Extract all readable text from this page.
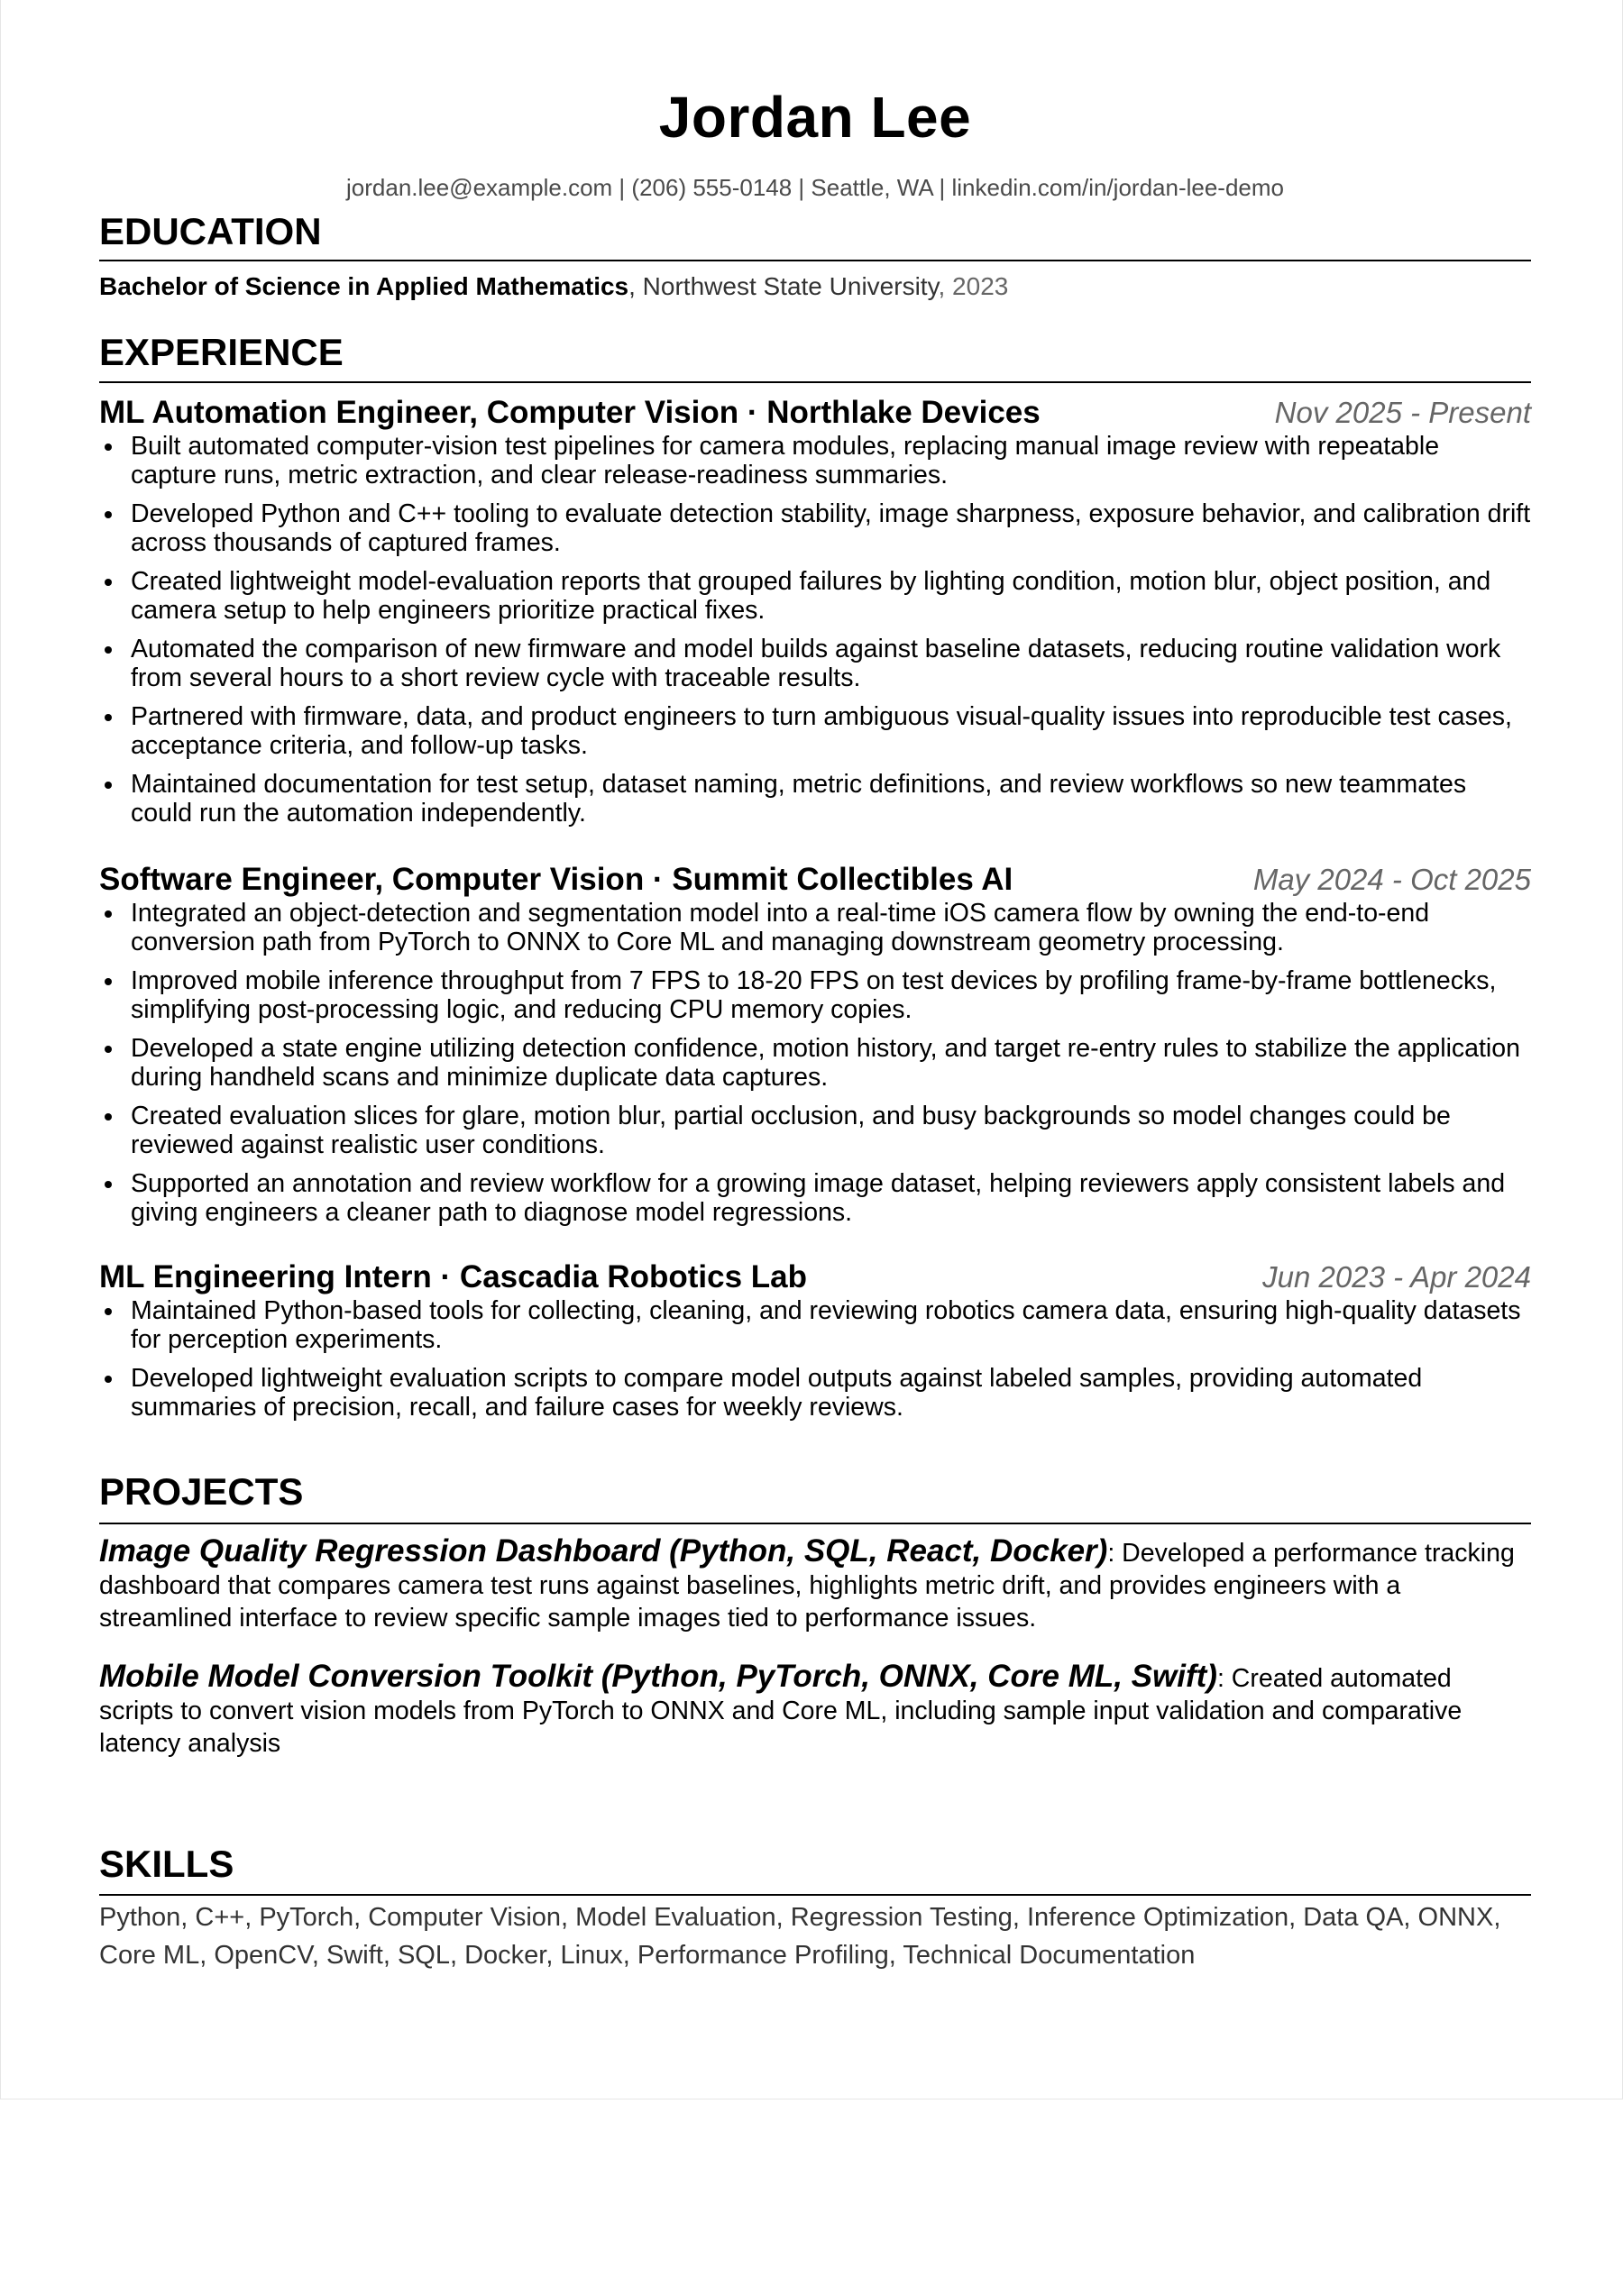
Jordan Lee
jordan.lee@example.com | (206) 555-0148 | Seattle, WA | linkedin.com/in/jordan-lee-demo
EDUCATION
Bachelor of Science in Applied Mathematics, Northwest State University, 2023
EXPERIENCE
ML Automation Engineer, Computer Vision · Northlake Devices	Nov 2025 - Present
Built automated computer-vision test pipelines for camera modules, replacing manual image review with repeatable capture runs, metric extraction, and clear release-readiness summaries.
Developed Python and C++ tooling to evaluate detection stability, image sharpness, exposure behavior, and calibration drift across thousands of captured frames.
Created lightweight model-evaluation reports that grouped failures by lighting condition, motion blur, object position, and camera setup to help engineers prioritize practical fixes.
Automated the comparison of new firmware and model builds against baseline datasets, reducing routine validation work from several hours to a short review cycle with traceable results.
Partnered with firmware, data, and product engineers to turn ambiguous visual-quality issues into reproducible test cases, acceptance criteria, and follow-up tasks.
Maintained documentation for test setup, dataset naming, metric definitions, and review workflows so new teammates could run the automation independently.
Software Engineer, Computer Vision · Summit Collectibles AI	May 2024 - Oct 2025
Integrated an object-detection and segmentation model into a real-time iOS camera flow by owning the end-to-end conversion path from PyTorch to ONNX to Core ML and managing downstream geometry processing.
Improved mobile inference throughput from 7 FPS to 18-20 FPS on test devices by profiling frame-by-frame bottlenecks, simplifying post-processing logic, and reducing CPU memory copies.
Developed a state engine utilizing detection confidence, motion history, and target re-entry rules to stabilize the application during handheld scans and minimize duplicate data captures.
Created evaluation slices for glare, motion blur, partial occlusion, and busy backgrounds so model changes could be reviewed against realistic user conditions.
Supported an annotation and review workflow for a growing image dataset, helping reviewers apply consistent labels and giving engineers a cleaner path to diagnose model regressions.
ML Engineering Intern · Cascadia Robotics Lab	Jun 2023 - Apr 2024
Maintained Python-based tools for collecting, cleaning, and reviewing robotics camera data, ensuring high-quality datasets for perception experiments.
Developed lightweight evaluation scripts to compare model outputs against labeled samples, providing automated summaries of precision, recall, and failure cases for weekly reviews.
PROJECTS
Image Quality Regression Dashboard (Python, SQL, React, Docker): Developed a performance tracking dashboard that compares camera test runs against baselines, highlights metric drift, and provides engineers with a streamlined interface to review specific sample images tied to performance issues.
Mobile Model Conversion Toolkit (Python, PyTorch, ONNX, Core ML, Swift): Created automated scripts to convert vision models from PyTorch to ONNX and Core ML, including sample input validation and comparative latency analysis
SKILLS
Python, C++, PyTorch, Computer Vision, Model Evaluation, Regression Testing, Inference Optimization, Data QA, ONNX, Core ML, OpenCV, Swift, SQL, Docker, Linux, Performance Profiling, Technical Documentation
